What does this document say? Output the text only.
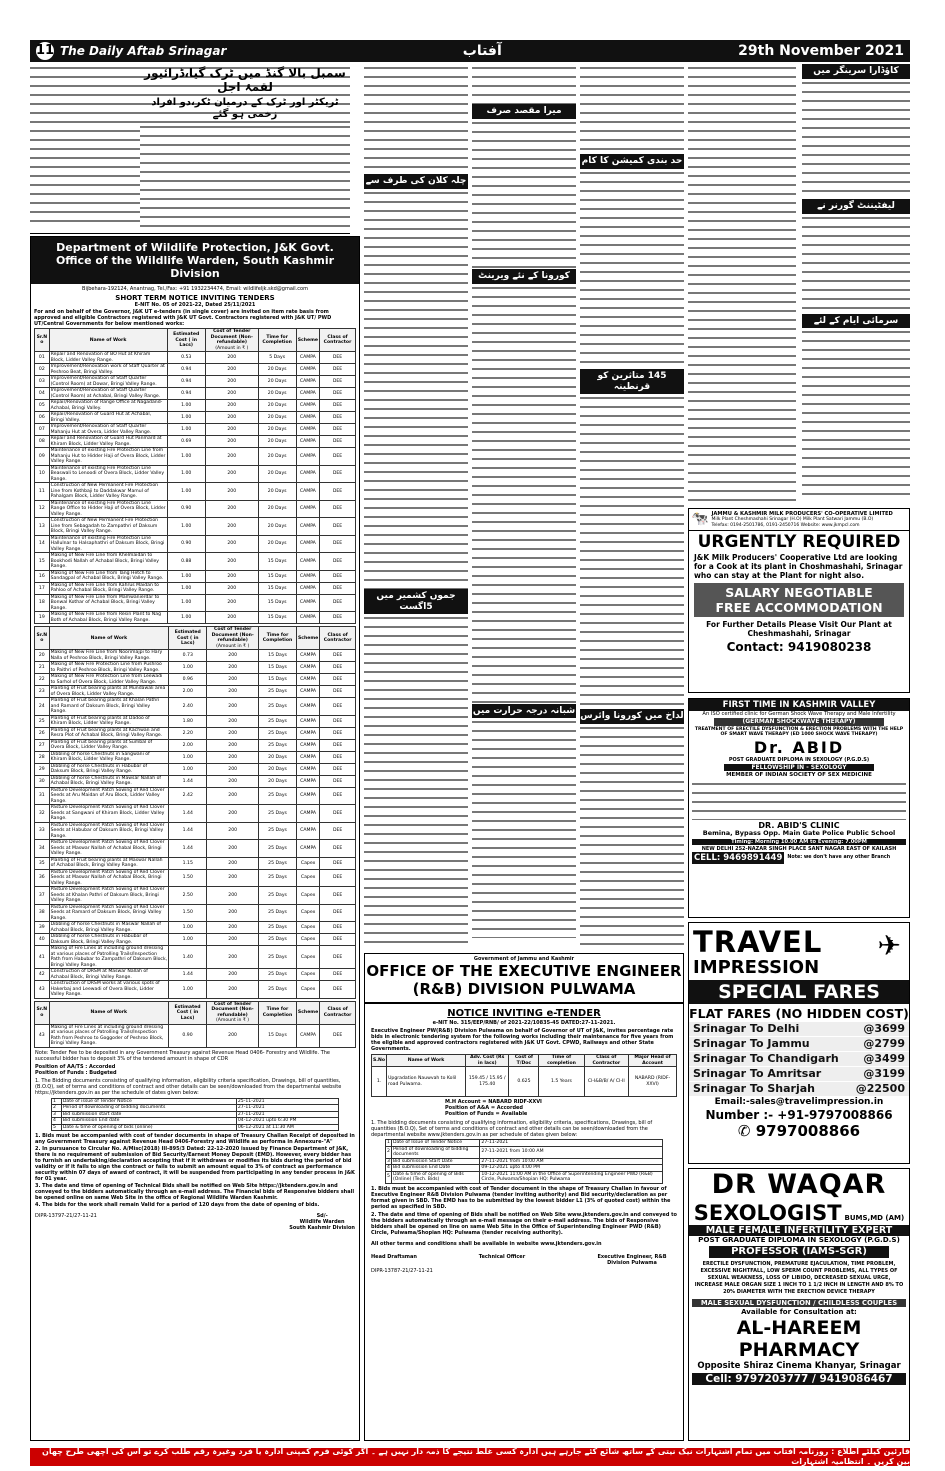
11 The Daily Aftab Srinagar	آفتاب	29th November 2021
سمبل بالا گنڈ میں ٹرک گیا،ڈرائیور لقمۂ اجل
ٹریکٹر اور ٹرک کے درمیان ٹکر،دو افراد زخمی ہو گئے
Department of Wildlife Protection, J&K Govt.
Office of the Wildlife Warden, South Kashmir Division
Bijbehara-192124, Anantnag, Tel./Fax: +91 1932234474, Email: wildlifeljk.skd@gmail.com
SHORT TERM NOTICE INVITING TENDERS
E-NIT No. 05 of 2021-22, Dated 25/11/2021
For and on behalf of the Governor, J&K UT e-tenders (in single cover) are invited on item rate basis from approved and eligible Contractors registered with J&K UT Govt. Contractors registered with J&K UT/ PWD UT/Central Governments for below mentioned works:
Sr.N o	Name of Work	Estimated Cost ( in Lacs)	Cost of Tender Document (Non-refundable)
(Amount in ₹ )	Time for Completion	Scheme	Class of Contractor
01	Repair and Renovation of BO Hut at Khiram Block, Lidder Valley Range.	0.53	200	5 Days	CAMPA	DEE
02	Improvement/Renovation work of Staff Quarter at Peshroo Beat, Bringi Valley.	0.94	200	20 Days	CAMPA	DEE
03	Improvement/Renovation of Staff Quarter (Control Room) at Dowar, Bringi Valley Range.	0.94	200	20 Days	CAMPA	DEE
04	Improvement/Renovation of Staff Quarter (Control Room) at Achabal, Bringi Valley Range.	0.94	200	20 Days	CAMPA	DEE
05	Repair/Renovation of Range Office at Nagadand-Achabal, Bringi Valley.	1.00	200	20 Days	CAMPA	DEE
06	Repair/Renovation of Guard Hut at Achabal, Bringi Valley.	1.00	200	20 Days	CAMPA	DEE
07	Improvement/Renovation of Staff Quarter Mahanju Hut at Overa, Lidder Valley Range.	1.00	200	20 Days	CAMPA	DEE
08	Repair and Renovation of Guard Hut Panmard at Khiram Block, Lidder Valley Range.	0.69	200	20 Days	CAMPA	DEE
09	Maintenance of existing Fire Protection Line from Mahanju Hut to Hidder Haji of Overa Block, Lidder Valley Range.	1.00	200	20 Days	CAMPA	DEE
10	Maintenance of existing Fire Protection Line Beaswali to Lenoodi of Overa Block, Lidder Valley Range.	1.00	200	20 Days	CAMPA	DEE
11	Construction of New Permanent Fire Protection Line from Kothbaji to Daddakwar Mamul of Pahalgam Block, Lidder Valley Range.	1.00	200	20 Days	CAMPA	DEE
12	Maintenance of existing Fire Protection Line Range Office to Hidder Haji of Overa Block, Lidder Valley Range.	0.90	200	20 Days	CAMPA	DEE
13	Construction of New Permanent Fire Protection Line from Sebagadah to Zampathri of Daksum Block, Bringi Valley Range.	1.00	200	20 Days	CAMPA	DEE
14	Maintenance of existing Fire Protection Line Hallulnar to Halsaphathri of Daksum Block, Bringi Valley Range.	0.90	200	20 Days	CAMPA	DEE
15	Making of New Fire Line from Khelmaidan to Bookhodi Nallah of Achabal Block, Bringi Valley Range.	0.88	200	15 Days	CAMPA	DEE
16	Making of New Fire Line from Tang Hetch to Sandagpal of Achabal Block, Bringi Valley Range.	1.00	200	15 Days	CAMPA	DEE
17	Making of New Fire Line from Kahrus Maidan to Pahloo of Achabal Block, Bringi Valley Range.	1.00	200	15 Days	CAMPA	DEE
18	Making of New Fire Line from Mamwanierdar to Bonwal Kothar of Achabal Block, Bringi Valley Range.	1.00	200	15 Days	CAMPA	DEE
19	Making of New Fire Line from Resin Plant to Nag Both of Achabal Block, Bringi Valley Range.	1.00	200	15 Days	CAMPA	DEE
Sr.N o	Name of Work	Estimated Cost ( in Lacs)	Cost of Tender Document (Non-refundable)
(Amount in ₹ )	Time for Completion	Scheme	Class of Contractor
20	Making of New Fire Line from Noorimajpi to Hary Nalla of Peshroo Block, Bringi Valley Range.	0.73	200	15 Days	CAMPA	DEE
21	Making of New Fire Protection Line from Pushroo to Paithri of Peshroo Block, Bringi Valley Range.	1.00	200	15 Days	CAMPA	DEE
22	Making of New Fire Protection Line from Leewadi to Sarhol of Overa Block, Lidder Valley Range.	0.96	200	15 Days	CAMPA	DEE
23	Planting of Fruit bearing plants at Mundawali area of Overa Block, Lidder Valley Range.	2.00	200	25 Days	CAMPA	DEE
24	Planting of Fruit bearing plants at Khalan Pathri and Ramard of Daksum Block, Bringi Valley Range.	2.40	200	25 Days	CAMPA	DEE
25	Planting of Fruit bearing plants at Dadoo of Khiram Block, Lidder Valley Range.	1.80	200	25 Days	CAMPA	DEE
26	Planting of Fruit bearing plants at Kachwan and Resra Plot of Achabal Block, Bringi Valley Range.	2.20	200	25 Days	CAMPA	DEE
27	Planting of Fruit bearing plants at Sumbal of Overa Block, Lidder Valley Range.	2.00	200	25 Days	CAMPA	DEE
28	Dibbling of horse Chestnuts in Sangwani of Khiram Block, Lidder Valley Range.	1.00	200	20 Days	CAMPA	DEE
29	Dibbling of horse Chestnuts in Habubar of Daksum Block, Bringi Valley Range.	1.00	200	20 Days	CAMPA	DEE
30	Dibbling of horse Chestnuts in Mawsar Nallah of Achabal Block, Bringi Valley Range.	1.44	200	20 Days	CAMPA	DEE
31	Pasture Development Patch Sowing of Red Clover Seeds at Aru Maidan of Aru Block, Lidder Valley Range.	2.42	200	25 Days	CAMPA	DEE
32	Pasture Development Patch Sowing of Red Clover Seeds at Sangwani of Khiram Block, Lidder Valley Range.	1.44	200	25 Days	CAMPA	DEE
33	Pasture Development Patch Sowing of Red Clover Seeds at Habubar of Daksum Block, Bringi Valley Range.	1.44	200	25 Days	CAMPA	DEE
34	Pasture Development Patch Sowing of Red Clover Seeds at Maswar Nallah of Achabal Block, Bringi Valley Range.	1.44	200	25 Days	CAMPA	DEE
35	Planting of Fruit bearing plants at Maswar Nallah of Achabal Block, Bringi Valley Range.	1.15	200	25 Days	Capex	DEE
36	Pasture Development Patch Sowing of Red Clover Seeds at Maswar Nallah of Achabal Block, Bringi Valley Range.	1.50	200	25 Days	Capex	DEE
37	Pasture Development Patch Sowing of Red Clover Seeds at Khalan Pathri of Daksum Block, Bringi Valley Range.	2.50	200	25 Days	Capex	DEE
38	Pasture Development Patch Sowing of Red Clover Seeds at Ramard of Daksum Block, Bringi Valley Range.	1.50	200	25 Days	Capex	DEE
39	Dibbling of horse Chestnuts in Maswar Nallah of Achabal Block, Bringi Valley Range.	1.00	200	25 Days	Capex	DEE
40	Dibbling of horse Chestnuts in Habubar of Daksum Block, Bringi Valley Range.	1.00	200	25 Days	Capex	DEE
41	Making of Fire Lines at including ground dressing at various places of Patrolling Trails/Inspection Path from Habubar to Zampathri of Daksum Block, Bringi Valley Range.	1.40	200	25 Days	Capex	DEE
42	Construction of DRSM at Maswar Nallah of Achabal Block, Bringi Valley Range.	1.44	200	25 Days	Capex	DEE
43	Construction of DRSM works at various spots of Hakerbaj and Leewadi of Overa Block, Lidder Valley Range.	1.00	200	25 Days	Capex	DEE
Sr.N o	Name of Work	Estimated Cost ( in Lacs)	Cost of Tender Document (Non-refundable)
(Amount in ₹ )	Time for Completion	Scheme	Class of Contractor
43	Making of Fire Lines at including ground dressing at various places of Patrolling Trails/Inspection Path from Peshroo to Goggoder of Peshroo Block, Bringi Valley Range.	0.90	200	15 Days	CAMPA	DEE
Note: Tender Fee to be deposited in any Government Treasury against Revenue Head 0406- Forestry and Wildlife. The successful bidder has to deposit 3% of the tendered amount in shape of CDR
Position of AA/TS : Accorded
Position of Funds : Budgeted
1. The Bidding documents consisting of qualifying information, eligibility criteria specification, Drawings, bill of quantities, (B.O.Q), set of terms and conditions of contract and other details can be seen/downloaded from the departmental website https://jktenders.gov.in as per the schedule of dates given below:
1	Date of issue of Tender Notice	25-11-2021
2	Period of downloading of bidding documents	27-11-2021
3	Bid submission start date	27-11-2021
4	Bid submission End date	04-12-2021 upto 6:30 PM
5	Date & time of opening of bids (online)	06-12-2021 at 11:30 AM
1. Bids must be accompanied with cost of tender documents in shape of Treasury Challan Receipt of deposited in any Government Treasury against Revenue Head 0406-Forestry and Wildlife as performa in Annexure-"A"
2. In pursuance to Circular No. A/Misc(2018) III-895/3 Dated: 22-12-2020 issued by Finance Department of J&K, there is no requirement of submission of Bid Security/Earnest Money Deposit (EMD). However, every bidder has to furnish an undertaking/declaration accepting that if it withdraws or modifies its bids during the period of bid validity or if it fails to sign the contract or fails to submit an amount equal to 3% of contract as performance security within 07 days of award of contract, it will be suspended from participating in any tender process in J&K for 01 year.
3. The date and time of opening of Technical Bids shall be notified on Web Site https://jktenders.gov.in and conveyed to the bidders automatically through an e-mail address. The Financial bids of Responsive bidders shall be opened online on same Web Site in the office of Regional Wildlife Warden Kashmir.
4. The bids for the work shall remain Valid for a period of 120 days from the date of opening of bids.
DIPR-13797-21/27-11-21	Sd/-
Wildlife Warden
South Kashmir Division
حد بندی کمیشن کا کام
145 متاثرین کو قرنطینہ
لداخ میں کورونا وائرس
میرا مقصد صرف
کورونا کے نئے ویرینٹ
شبانہ درجہ حرارت میں
چلہ کلان کی طرف سے
جموں کشمیر میں 5اگست
کاؤڈارا سرینگر میں
لیفٹیننٹ گورنر نے
سرمائی ایام کے لئے
Government of Jammu and Kashmir
OFFICE OF THE EXECUTIVE ENGINEER
(R&B) DIVISION PULWAMA
NOTICE INVITING e-TENDER
e-NIT No. 315/EEP/RNB/ of 2021-22/10835-45 DATED:27-11-2021.
Executive Engineer PW(R&B) Division Pulwama on behalf of Governor of UT of J&K, invites percentage rate bids in electronic tendering system for the following works including their maintenance for five years from the eligible and approved contractors registered with J&K UT Govt. CPWD, Railways and other State Governments.
S.No	Name of Work	Adv. Cost (Rs in lacs)	Cost of T/Doc	Time of completion	Class of Contractor	Major Head of Account
1.	Upgradation Nauwvah to Kolil road Pulwama.	159.45 / 15.95 / 175.40	0.625	1.5 Years	Cl-I&B/B/ A/ Cl-II	NABARD (RIDF-XXVI)
M.H Account = NABARD RIDF-XXVI
Position of A&A = Accorded
Position of Funds = Available
1. The bidding documents consisting of qualifying information, eligibility criteria, specifications, Drawings, bill of quantities (B.O.Q), Set of terms and conditions of contract and other details can be seen/downloaded from the departmental website www.jktenders.gov.in as per schedule of dates given below:
1	Date of Issue of Tender Notice	27-11-2021
2	Period of downloading of bidding documents	27-11-2021 from 10:00 AM
3	Bid submission Start Date	27-11-2021 from 10:00 AM
4	Bid submission End Date	09-12-2021 upto 4:00 PM
5	Date & time of opening of Bids (Online) (Tech. Bids)	10-12-2021 11:00 AM in the Office of Superintending Engineer PWD (R&B) Circle, Pulwama/Shopian HQ: Pulwama
1. Bids must be accompanied with cost of Tender document in the shape of Treasury Challan in favour of Executive Engineer R&B Division Pulwama (tender inviting authority) and Bid security/declaration as per format given in SBD. The EMD has to be submitted by the lowest bidder L1 (3% of quoted cost) within the period as specified in SBD.
2. The date and time of opening of Bids shall be notified on Web Site www.jktenders.gov.in and conveyed to the bidders automatically through an e-mail message on their e-mail address. The bids of Responsive bidders shall be opened on line on same Web Site in the Office of Superintending Engineer PWD (R&B) Circle, Pulwama/Shopian HQ: Pulwama (tender receiving authority).
All other terms and conditions shall be available in website www.jktenders.gov.in
Head Draftsman	Technical Officer	Executive Engineer, R&B Division Pulwama
DIPR-13787-21/27-11-21
🐄 JAMMU & KASHMIR MILK PRODUCERS' CO-OPERATIVE LIMITED
Milk Plant Cheshmashahi Srinagar (H.O) Milk Plant Satwari Jammu (B.O)
Telefax: 0194-2501786, 0191-2450716 Website: www.jkmpcl.com
URGENTLY REQUIRED
J&K Milk Producers' Cooperative Ltd are looking for a Cook at its plant in Choshmashahi, Srinagar who can stay at the Plant for night also.
SALARY NEGOTIABLE
FREE ACCOMMODATION
For Further Details Please Visit Our Plant at Cheshmashahi, Srinagar
Contact: 9419080238
FIRST TIME IN KASHMIR VALLEY
An ISO certified clinic for German Shock Wave Therapy and Male Infertility
(GERMAN SHOCKWAVE THERAPY)
TREATMENT OF ERECTILE DYSFUNCTION & ERECTION PROBLEMS WITH THE HELP OF SMART WAVE THERAPY (ED 1000 SHOCK WAVE THERAPY)
Dr. ABID
POST GRADUATE DIPLOMA IN SEXOLOGY (P.G.D.S)
FELLOWSHIP IN - SEXOLOGY
MEMBER OF INDIAN SOCIETY OF SEX MEDICINE
DR. ABID'S CLINIC
Bemina, Bypass Opp. Main Gate Police Public School
Timing: Morning 10.00 AM to Evening: 7.00PM
NEW DELHI 252-NAZAR SINGH PLACE SANT NAGAR EAST OF KAILASH
CELL: 9469891449	Note: we don't have any other Branch
TRAVEL
IMPRESSION
✈
SPECIAL FARES
FLAT FARES (NO HIDDEN COST)
Srinagar To Delhi	@3699
Srinagar To Jammu	@2799
Srinagar To Chandigarh @3499
Srinagar To Amritsar	@3199
Srinagar To Sharjah	@22500
Email:-sales@travelimpression.in
Number :- +91-9797008866
✆ 9797008866
DR WAQAR
SEXOLOGIST BUMS,MD (AM)
MALE FEMALE INFERTILITY EXPERT
POST GRADUATE DIPLOMA IN SEXOLOGY (P.G.D.S)
PROFESSOR (IAMS-SGR)
ERECTILE DYSFUNCTION, PREMATURE EJACULATION, TIME PROBLEM, EXCESSIVE NIGHTFALL, LOW SPERM COUNT PROBLEMS, ALL TYPES OF SEXUAL WEAKNESS, LOSS OF LIBIDO, DECREASED SEXUAL URGE, INCREASE MALE ORGAN SIZE 1 INCH TO 1 1/2 INCH IN LENGTH AND 8% TO 20% DIAMETER WITH THE ERECTION DEVICE THERAPY
MALE SEXUAL DYSFUNCTION / CHILDLESS COUPLES
Available for Consultation at:
AL-HAREEM PHARMACY
Opposite Shiraz Cinema Khanyar, Srinagar
Cell: 9797203777 / 9419086467
قارئین کیلئے اطلاع : روزنامہ آفتاب میں تمام اشتہارات نیک نیتی کے ساتھ شائع کئے جارہے ہیں ادارہ کسی غلط نتیجے کا ذمہ دار نہیں ہے ۔ اگر کوئی فرم کمپنی ادارہ یا فرد وغیرہ رقم طلب کرے تو اس کی اچھی طرح چھان بین کریں ۔ انتظامیہ اشتہارات
